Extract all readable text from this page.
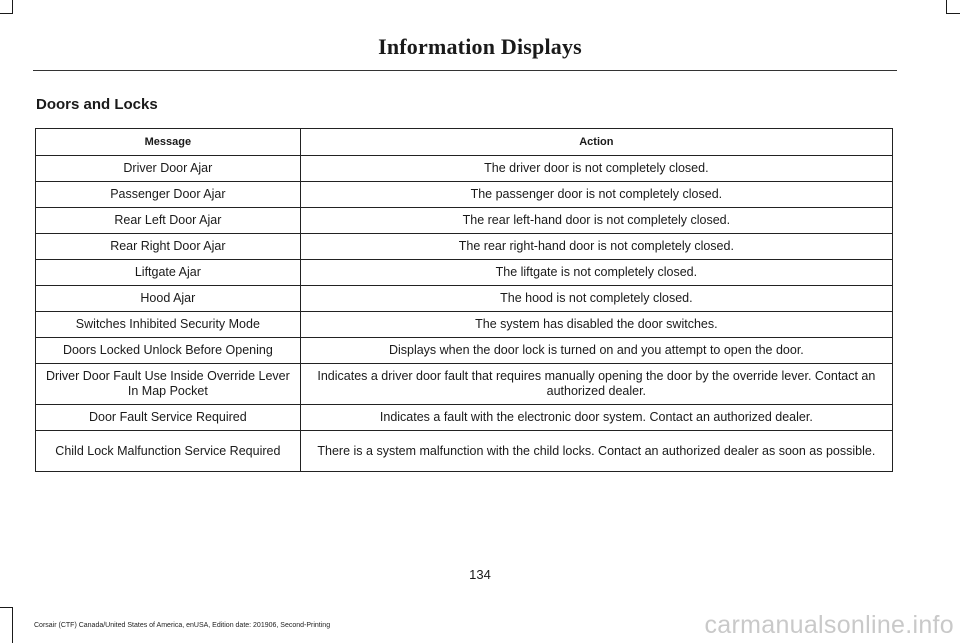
Information Displays
Doors and Locks
Message	Action
Driver Door Ajar	The driver door is not completely closed.
Passenger Door Ajar	The passenger door is not completely closed.
Rear Left Door Ajar	The rear left-hand door is not completely closed.
Rear Right Door Ajar	The rear right-hand door is not completely closed.
Liftgate Ajar	The liftgate is not completely closed.
Hood Ajar	The hood is not completely closed.
Switches Inhibited Security Mode	The system has disabled the door switches.
Doors Locked Unlock Before Opening	Displays when the door lock is turned on and you attempt to open the door.
Driver Door Fault Use Inside Override Lever In Map Pocket	Indicates a driver door fault that requires manually opening the door by the override lever. Contact an authorized dealer.
Door Fault Service Required	Indicates a fault with the electronic door system. Contact an authorized dealer.
Child Lock Malfunction Service Required	There is a system malfunction with the child locks. Contact an authorized dealer as soon as possible.
134
Corsair (CTF) Canada/United States of America, enUSA, Edition date: 201906, Second-Printing	carmanualsonline.info
